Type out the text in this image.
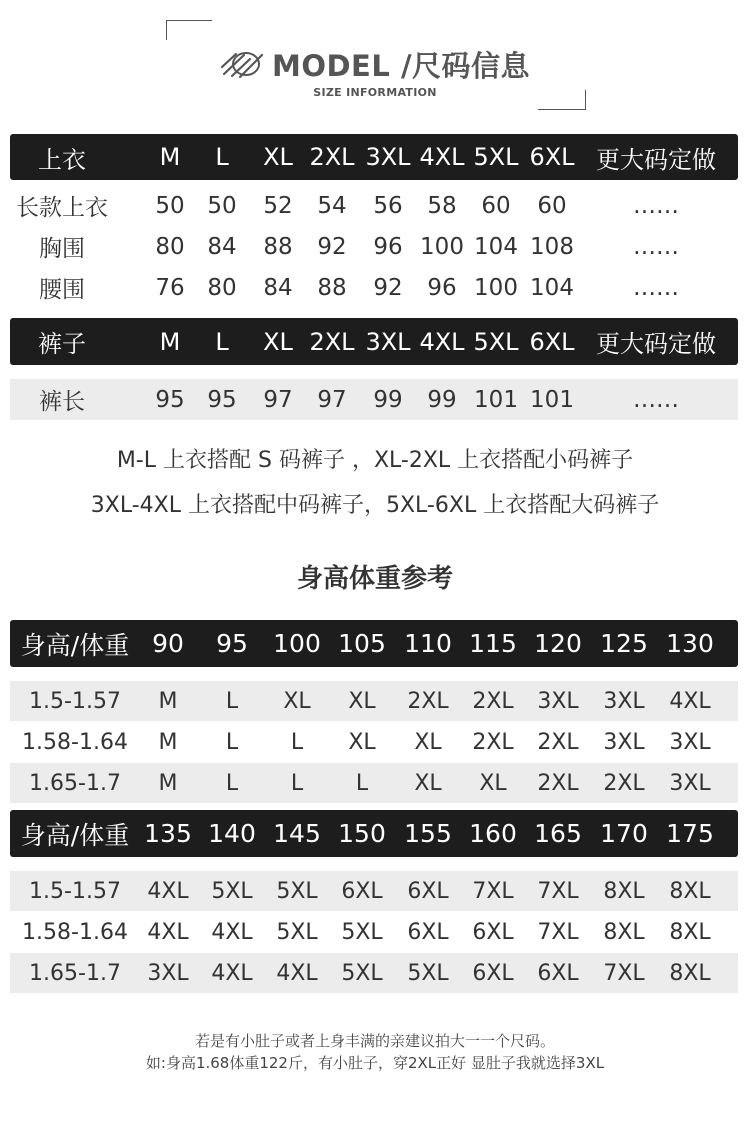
MODEL /尺码信息
SIZE INFORMATION
上衣	M L XL 2XL 3XL 4XL 5XL 6XL 更大码定做
长款上衣 50 50 52 54 56 58 60 60	……
胸围	80 84 88 92 96 100 104 108	……
腰围	76 80 84 88 92 96 100 104	……
裤子	M L XL 2XL 3XL 4XL 5XL 6XL 更大码定做
裤长	95 95 97 97 99 99 101 101	……
身高/体重 90 95 100 105 110 115 120 125 130
1.5-1.57 M L XL XL 2XL 2XL 3XL 3XL 4XL
1.58-1.64 M L L XL XL 2XL 2XL 3XL 3XL
1.65-1.7 M L L L XL XL 2XL 2XL 3XL
身高/体重 135 140 145 150 155 160 165 170 175
1.5-1.57 4XL 5XL 5XL 6XL 6XL 7XL 7XL 8XL 8XL
1.58-1.64 4XL 4XL 5XL 5XL 6XL 6XL 7XL 8XL 8XL
1.65-1.7 3XL 4XL 4XL 5XL 5XL 6XL 6XL 7XL 8XL
M-L 上衣搭配 S 码裤子 ，XL-2XL 上衣搭配小码裤子
3XL-4XL 上衣搭配中码裤子，5XL-6XL 上衣搭配大码裤子
身高体重参考
若是有小肚子或者上身丰满的亲建议拍大一一个尺码。
如:身高1.68体重122斤，有小肚子，穿2XL正好 显肚子我就选择3XL
